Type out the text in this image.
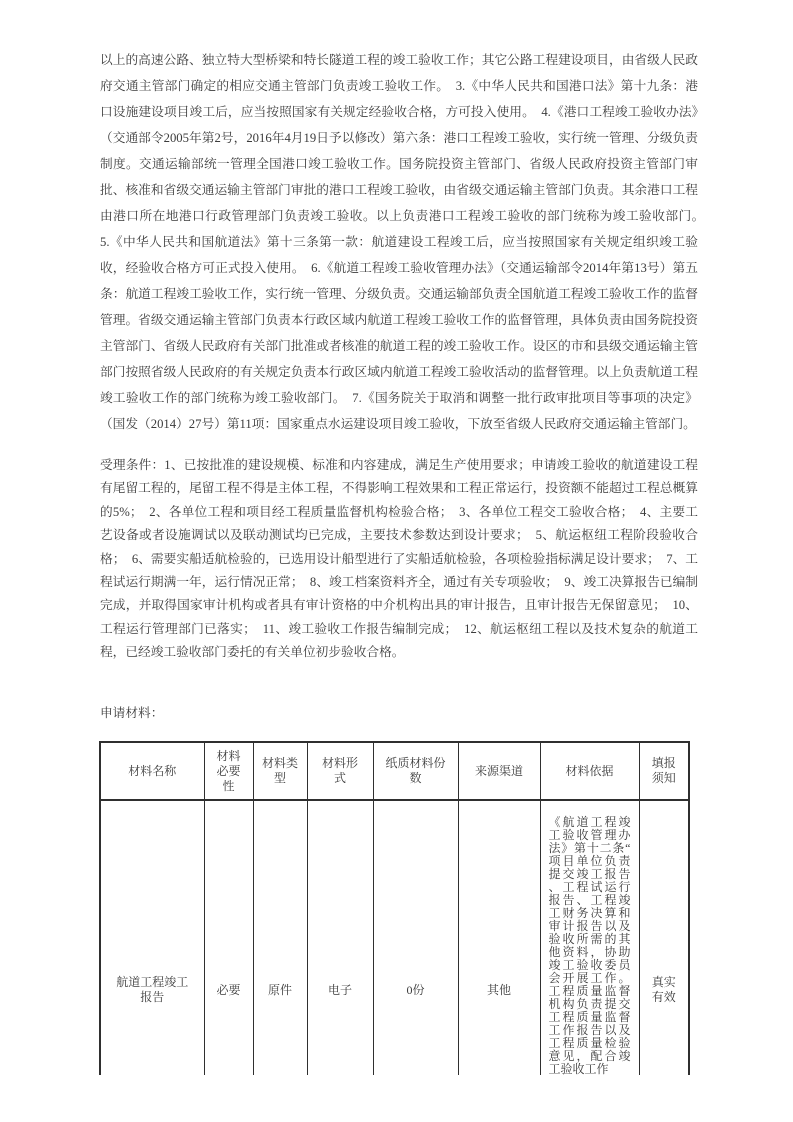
以上的高速公路、独立特大型桥梁和特长隧道工程的竣工验收工作；其它公路工程建设项目，由省级人民政府交通主管部门确定的相应交通主管部门负责竣工验收工作。　3.《中华人民共和国港口法》第十九条：港口设施建设项目竣工后，应当按照国家有关规定经验收合格，方可投入使用。　4.《港口工程竣工验收办法》（交通部令2005年第2号，2016年4月19日予以修改）第六条：港口工程竣工验收，实行统一管理、分级负责制度。交通运输部统一管理全国港口竣工验收工作。国务院投资主管部门、省级人民政府投资主管部门审批、核准和省级交通运输主管部门审批的港口工程竣工验收，由省级交通运输主管部门负责。其余港口工程由港口所在地港口行政管理部门负责竣工验收。以上负责港口工程竣工验收的部门统称为竣工验收部门。　5.《中华人民共和国航道法》第十三条第一款：航道建设工程竣工后，应当按照国家有关规定组织竣工验收，经验收合格方可正式投入使用。　6.《航道工程竣工验收管理办法》（交通运输部令2014年第13号）第五条：航道工程竣工验收工作，实行统一管理、分级负责。交通运输部负责全国航道工程竣工验收工作的监督管理。省级交通运输主管部门负责本行政区域内航道工程竣工验收工作的监督管理，具体负责由国务院投资主管部门、省级人民政府有关部门批准或者核准的航道工程的竣工验收工作。设区的市和县级交通运输主管部门按照省级人民政府的有关规定负责本行政区域内航道工程竣工验收活动的监督管理。以上负责航道工程竣工验收工作的部门统称为竣工验收部门。　7.《国务院关于取消和调整一批行政审批项目等事项的决定》（国发（2014）27号）第11项：国家重点水运建设项目竣工验收，下放至省级人民政府交通运输主管部门。

受理条件：1、已按批准的建设规模、标准和内容建成，满足生产使用要求；申请竣工验收的航道建设工程有尾留工程的，尾留工程不得是主体工程，不得影响工程效果和工程正常运行，投资额不能超过工程总概算的5%；　2、各单位工程和项目经工程质量监督机构检验合格；　3、各单位工程交工验收合格；　4、主要工艺设备或者设施调试以及联动测试均已完成，主要技术参数达到设计要求；　5、航运枢纽工程阶段验收合格；　6、需要实船适航检验的，已选用设计船型进行了实船适航检验，各项检验指标满足设计要求；　7、工程试运行期满一年，运行情况正常；　8、竣工档案资料齐全，通过有关专项验收；　9、竣工决算报告已编制完成，并取得国家审计机构或者具有审计资格的中介机构出具的审计报告，且审计报告无保留意见；　10、工程运行管理部门已落实；　11、竣工验收工作报告编制完成；　12、航运枢纽工程以及技术复杂的航道工程，已经竣工验收部门委托的有关单位初步验收合格。

申请材料：
材料名称	材料必要性	材料类型	材料形式	纸质材料份数	来源渠道	材料依据	填报须知
航道工程竣工报告	必要	原件	电子	0份	其他	《航道工程竣工验收管理办法》第十二条“项目单位负责提交竣工报告、工程试运行报告、工程竣工财务决算和审计报告以及验收所需的其他资料，协助竣工验收委员会开展工作。工程质量监督机构负责提交工程质量监督工作报告以及工程质量检验意见，配合竣工验收工作	真实有效
